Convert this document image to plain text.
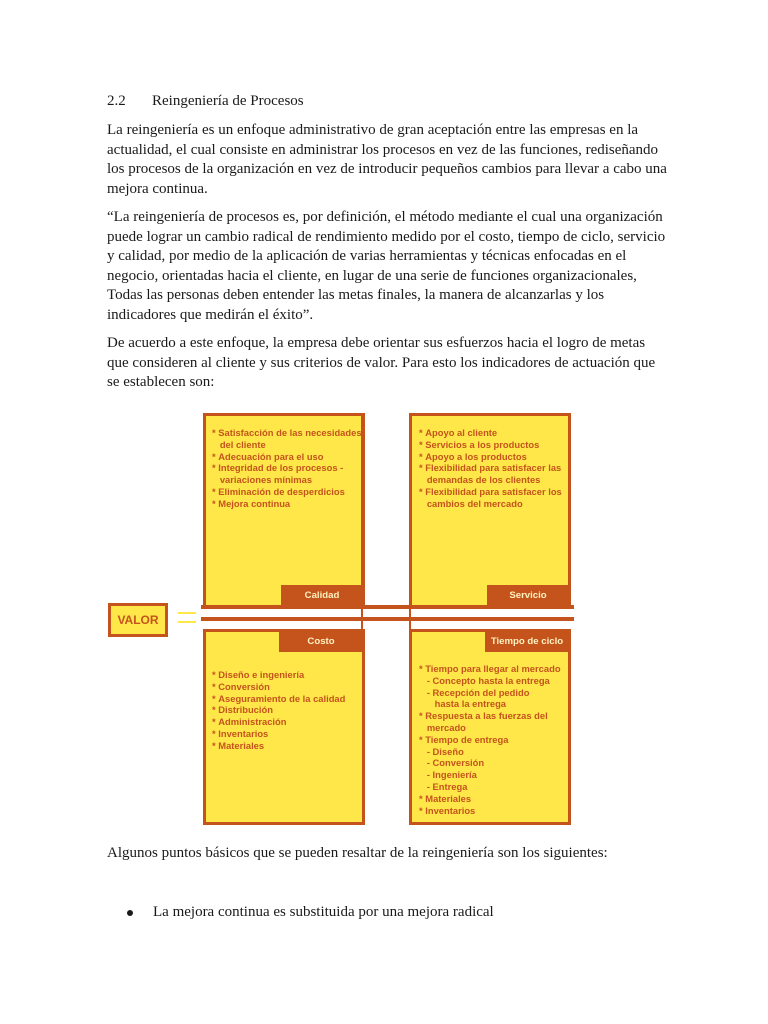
2.2 Reingeniería de Procesos
La reingeniería es un enfoque administrativo de gran aceptación entre las empresas en la actualidad, el cual consiste en administrar los procesos en vez de las funciones, rediseñando los procesos de la organización en vez de introducir pequeños cambios para llevar a cabo una mejora continua.
“La reingeniería de procesos es, por definición, el método mediante el cual una organización puede lograr un cambio radical de rendimiento medido por el costo, tiempo de ciclo, servicio y calidad, por medio de la aplicación de varias herramientas y técnicas enfocadas en el negocio, orientadas hacia el cliente, en lugar de una serie de funciones organizacionales, Todas las personas deben entender las metas finales, la manera de alcanzarlas y los indicadores que medirán el éxito”.
De acuerdo a este enfoque, la empresa debe orientar sus esfuerzos hacia el logro de metas que consideren al cliente y sus criterios de valor. Para esto los indicadores de actuación que se establecen son:
* Satisfacción de las necesidades
del cliente
* Adecuación para el uso
* Integridad de los procesos -
variaciones mínimas
* Eliminación de desperdicios
* Mejora continua
Calidad
* Apoyo al cliente
* Servicios a los productos
* Apoyo a los productos
* Flexibilidad para satisfacer las
demandas de los clientes
* Flexibilidad para satisfacer los
cambios del mercado
Servicio
VALOR
Costo
* Diseño e ingeniería
* Conversión
* Aseguramiento de la calidad
* Distribución
* Administración
* Inventarios
* Materiales
Tiempo de ciclo
* Tiempo para llegar al mercado
- Concepto hasta la entrega
- Recepción del pedido
hasta la entrega
* Respuesta a las fuerzas del
mercado
* Tiempo de entrega
- Diseño
- Conversión
- Ingeniería
- Entrega
* Materiales
* Inventarios
Algunos puntos básicos que se pueden resaltar de la reingeniería son los siguientes:
La mejora continua es substituida por una mejora radical
